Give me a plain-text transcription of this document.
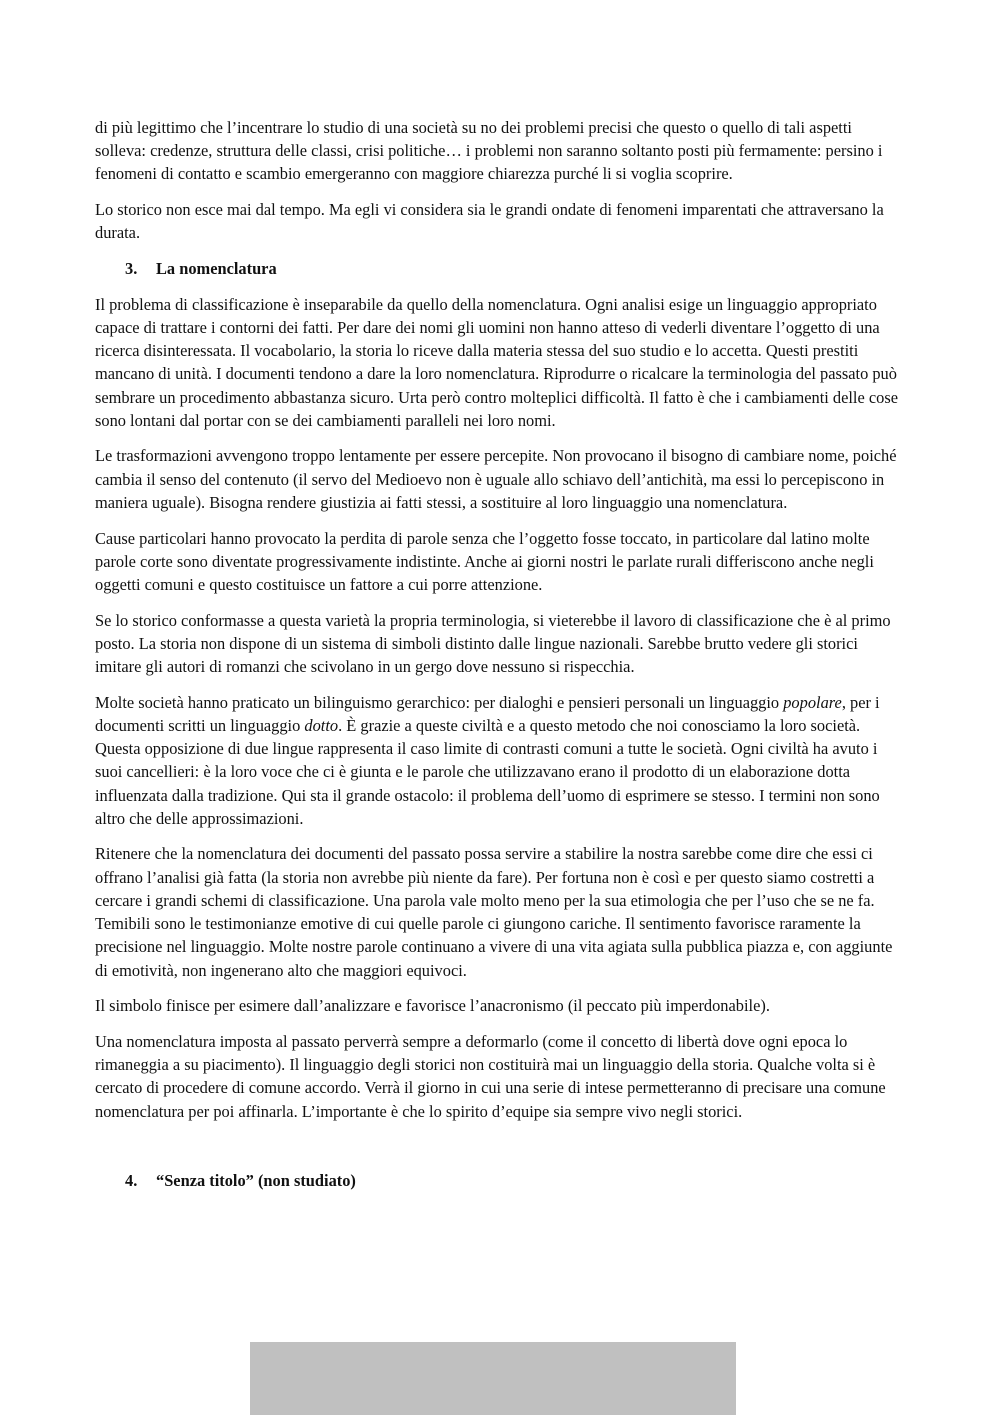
di più legittimo che l’incentrare lo studio di una società su no dei problemi precisi che questo o quello di tali aspetti solleva: credenze, struttura delle classi, crisi politiche… i problemi non saranno soltanto posti più fermamente: persino i fenomeni di contatto e scambio emergeranno con maggiore chiarezza purché li si voglia scoprire.

Lo storico non esce mai dal tempo. Ma egli vi considera sia le grandi ondate di fenomeni imparentati che attraversano la durata.

3. La nomenclatura

Il problema di classificazione è inseparabile da quello della nomenclatura. Ogni analisi esige un linguaggio appropriato capace di trattare i contorni dei fatti. Per dare dei nomi gli uomini non hanno atteso di vederli diventare l’oggetto di una ricerca disinteressata. Il vocabolario, la storia lo riceve dalla materia stessa del suo studio e lo accetta. Questi prestiti mancano di unità. I documenti tendono a dare la loro nomenclatura. Riprodurre o ricalcare la terminologia del passato può sembrare un procedimento abbastanza sicuro. Urta però contro molteplici difficoltà. Il fatto è che i cambiamenti delle cose sono lontani dal portar con se dei cambiamenti paralleli nei loro nomi.

Le trasformazioni avvengono troppo lentamente per essere percepite. Non provocano il bisogno di cambiare nome, poiché cambia il senso del contenuto (il servo del Medioevo non è uguale allo schiavo dell’antichità, ma essi lo percepiscono in maniera uguale). Bisogna rendere giustizia ai fatti stessi, a sostituire al loro linguaggio una nomenclatura.

Cause particolari hanno provocato la perdita di parole senza che l’oggetto fosse toccato, in particolare dal latino molte parole corte sono diventate progressivamente indistinte. Anche ai giorni nostri le parlate rurali differiscono anche negli oggetti comuni e questo costituisce un fattore a cui porre attenzione.

Se lo storico conformasse a questa varietà la propria terminologia, si vieterebbe il lavoro di classificazione che è al primo posto. La storia non dispone di un sistema di simboli distinto dalle lingue nazionali. Sarebbe brutto vedere gli storici imitare gli autori di romanzi che scivolano in un gergo dove nessuno si rispecchia.

Molte società hanno praticato un bilinguismo gerarchico: per dialoghi e pensieri personali un linguaggio popolare, per i documenti scritti un linguaggio dotto. È grazie a queste civiltà e a questo metodo che noi conosciamo la loro società. Questa opposizione di due lingue rappresenta il caso limite di contrasti comuni a tutte le società. Ogni civiltà ha avuto i suoi cancellieri: è la loro voce che ci è giunta e le parole che utilizzavano erano il prodotto di un elaborazione dotta influenzata dalla tradizione. Qui sta il grande ostacolo: il problema dell’uomo di esprimere se stesso. I termini non sono altro che delle approssimazioni.

Ritenere che la nomenclatura dei documenti del passato possa servire a stabilire la nostra sarebbe come dire che essi ci offrano l’analisi già fatta (la storia non avrebbe più niente da fare). Per fortuna non è così e per questo siamo costretti a cercare i grandi schemi di classificazione. Una parola vale molto meno per la sua etimologia che per l’uso che se ne fa. Temibili sono le testimonianze emotive di cui quelle parole ci giungono cariche. Il sentimento favorisce raramente la precisione nel linguaggio. Molte nostre parole continuano a vivere di una vita agiata sulla pubblica piazza e, con aggiunte di emotività, non ingenerano alto che maggiori equivoci.

Il simbolo finisce per esimere dall’analizzare e favorisce l’anacronismo (il peccato più imperdonabile).

Una nomenclatura imposta al passato perverrà sempre a deformarlo (come il concetto di libertà dove ogni epoca lo rimaneggia a su piacimento). Il linguaggio degli storici non costituirà mai un linguaggio della storia. Qualche volta si è cercato di procedere di comune accordo. Verrà il giorno in cui una serie di intese permetteranno di precisare una comune nomenclatura per poi affinarla. L’importante è che lo spirito d’equipe sia sempre vivo negli storici.

4. “Senza titolo” (non studiato)
